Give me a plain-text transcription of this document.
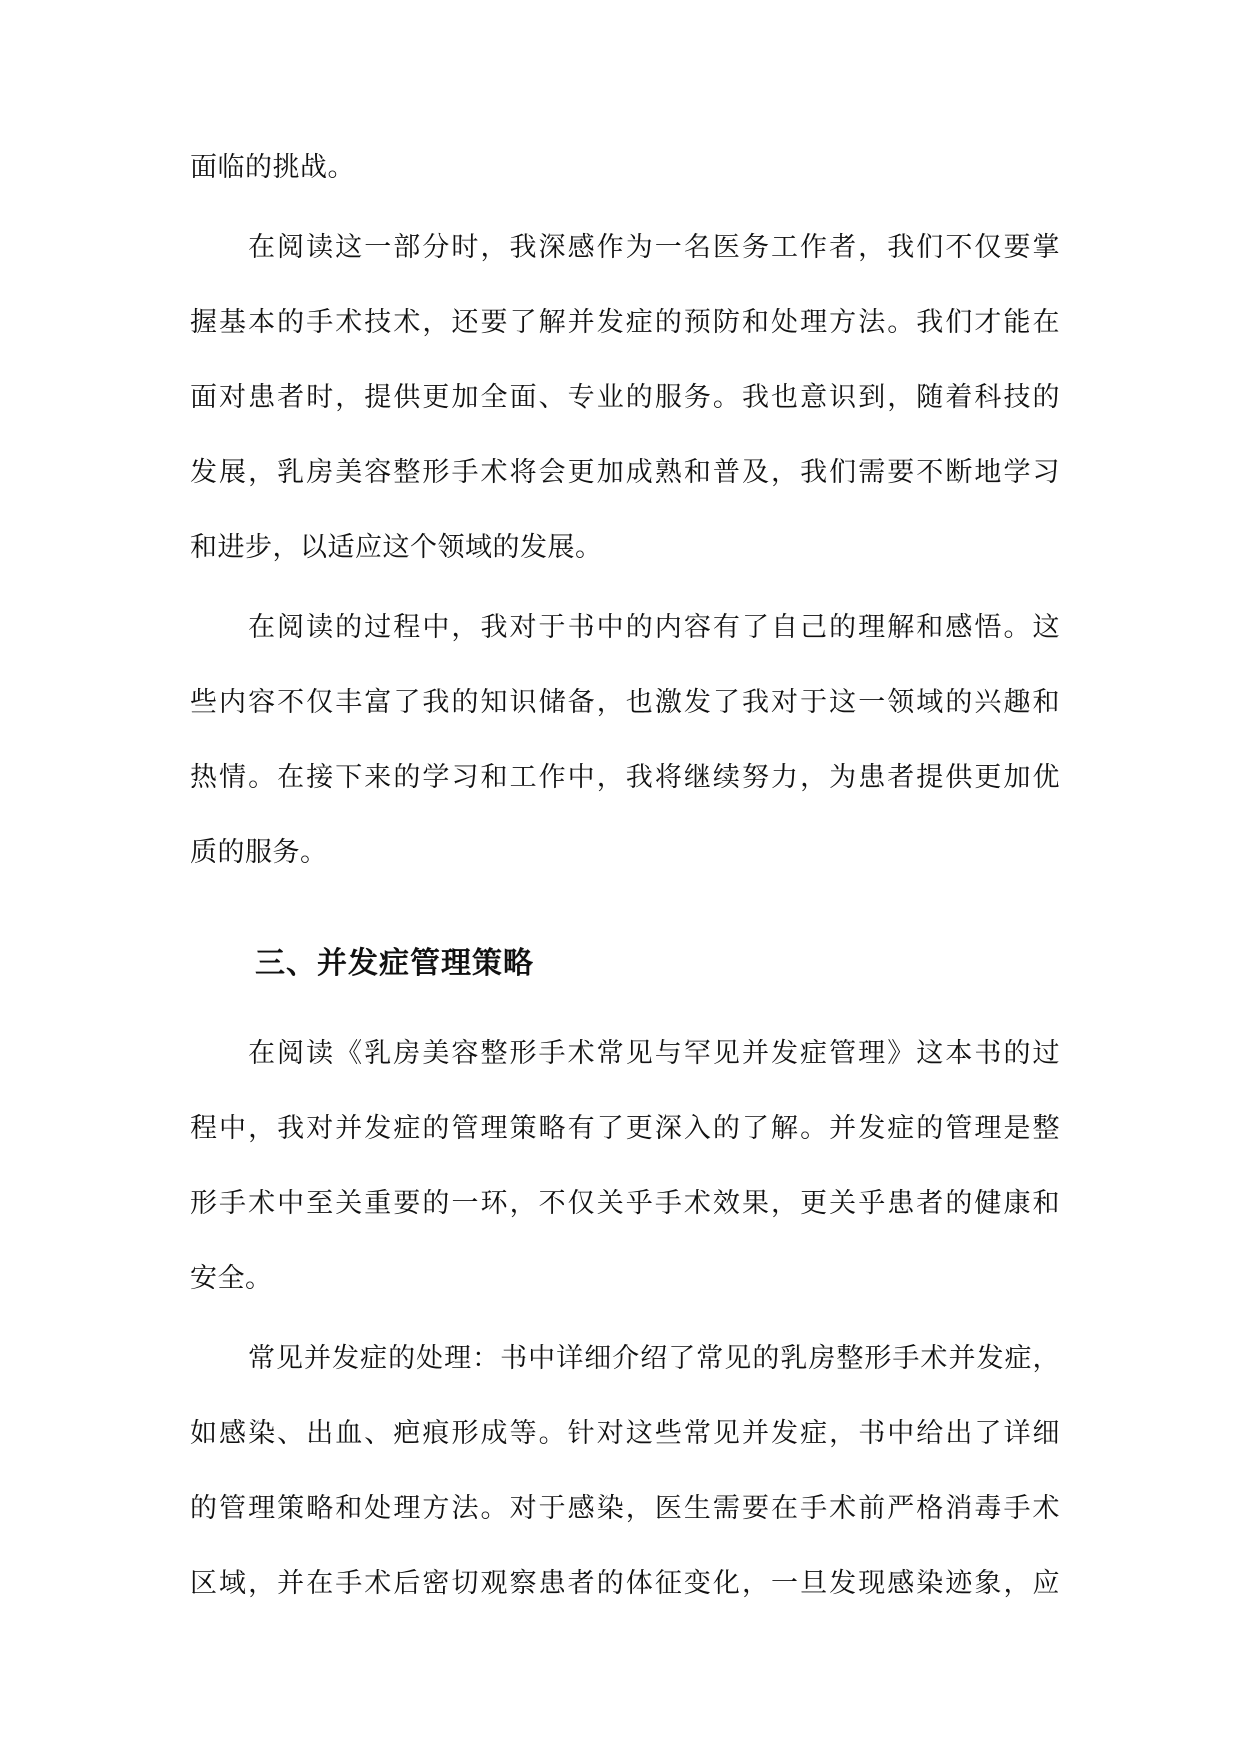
面临的挑战。

在阅读这一部分时，我深感作为一名医务工作者，我们不仅要掌

握基本的手术技术，还要了解并发症的预防和处理方法。我们才能在

面对患者时，提供更加全面、专业的服务。我也意识到，随着科技的

发展，乳房美容整形手术将会更加成熟和普及，我们需要不断地学习

和进步，以适应这个领域的发展。

在阅读的过程中，我对于书中的内容有了自己的理解和感悟。这

些内容不仅丰富了我的知识储备，也激发了我对于这一领域的兴趣和

热情。在接下来的学习和工作中，我将继续努力，为患者提供更加优

质的服务。

三、并发症管理策略

在阅读《乳房美容整形手术常见与罕见并发症管理》这本书的过

程中，我对并发症的管理策略有了更深入的了解。并发症的管理是整

形手术中至关重要的一环，不仅关乎手术效果，更关乎患者的健康和

安全。

常见并发症的处理：书中详细介绍了常见的乳房整形手术并发症，

如感染、出血、疤痕形成等。针对这些常见并发症，书中给出了详细

的管理策略和处理方法。对于感染，医生需要在手术前严格消毒手术

区域，并在手术后密切观察患者的体征变化，一旦发现感染迹象，应
